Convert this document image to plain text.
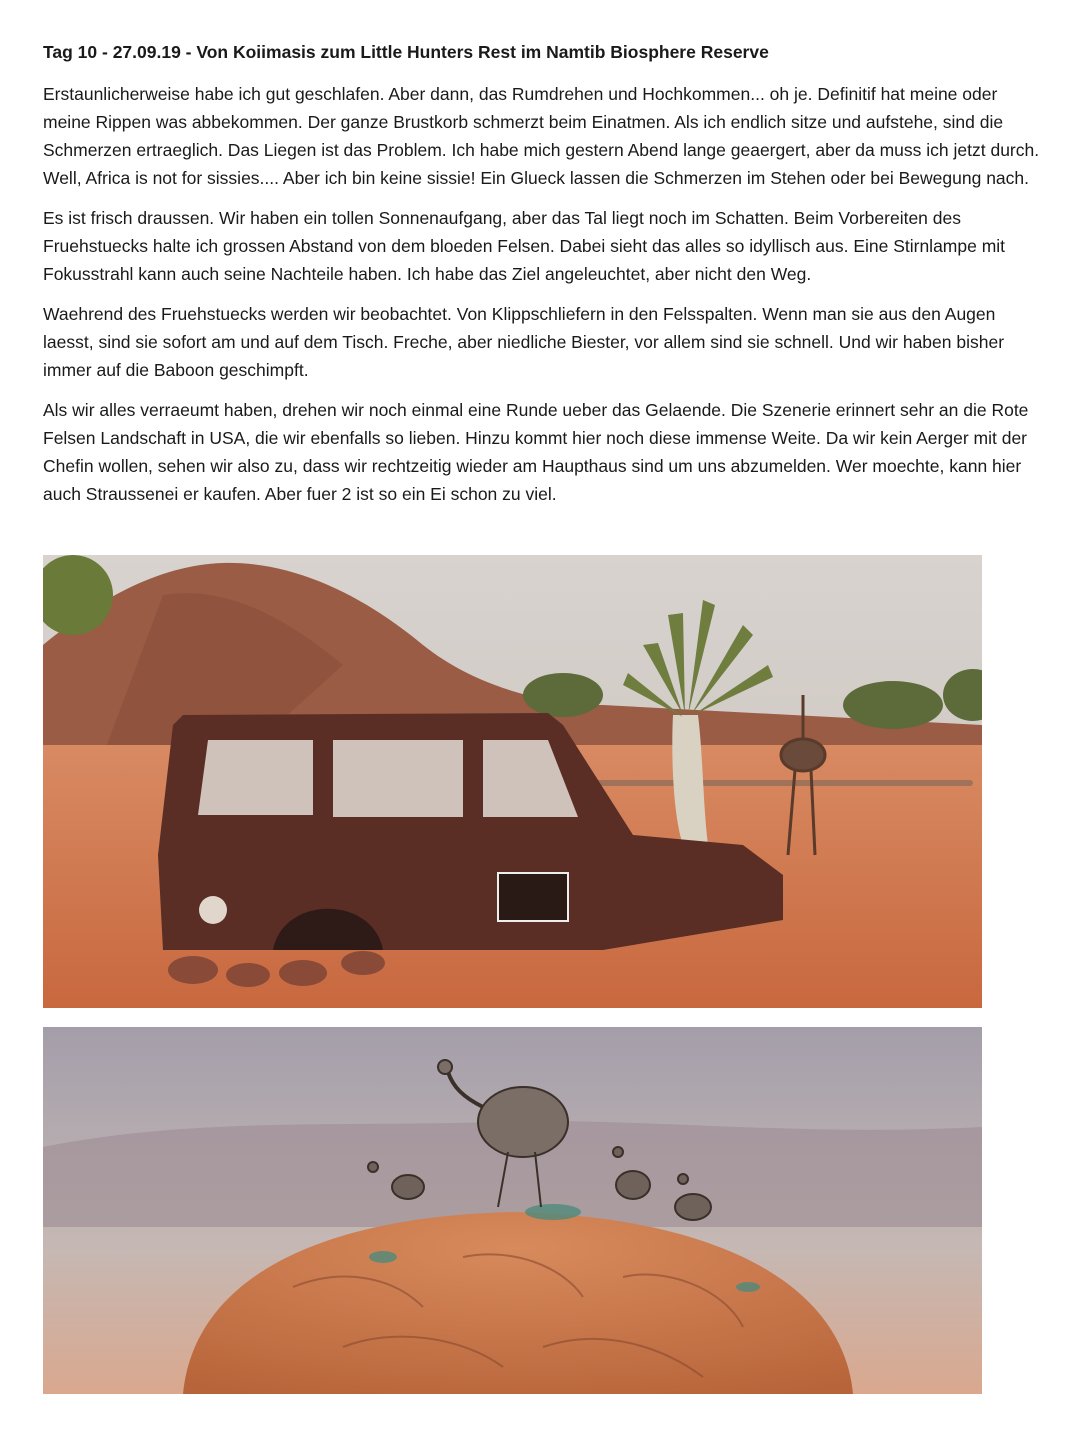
Tag 10 - 27.09.19 - Von Koiimasis zum Little Hunters Rest im Namtib Biosphere Reserve

Erstaunlicherweise habe ich gut geschlafen. Aber dann, das Rumdrehen und Hochkommen... oh je. Definitif hat meine oder meine Rippen was abbekommen. Der ganze Brustkorb schmerzt beim Einatmen. Als ich endlich sitze und aufstehe, sind die Schmerzen ertraeglich. Das Liegen ist das Problem. Ich habe mich gestern Abend lange geaergert, aber da muss ich jetzt durch. Well, Africa is not for sissies.... Aber ich bin keine sissie! Ein Glueck lassen die Schmerzen im Stehen oder bei Bewegung nach.

Es ist frisch draussen. Wir haben ein tollen Sonnenaufgang, aber das Tal liegt noch im Schatten. Beim Vorbereiten des Fruehstuecks halte ich grossen Abstand von dem bloeden Felsen. Dabei sieht das alles so idyllisch aus. Eine Stirnlampe mit Fokusstrahl kann auch seine Nachteile haben. Ich habe das Ziel angeleuchtet, aber nicht den Weg.

Waehrend des Fruehstuecks werden wir beobachtet. Von Klippschliefern in den Felsspalten. Wenn man sie aus den Augen laesst, sind sie sofort am und auf dem Tisch. Freche, aber niedliche Biester, vor allem sind sie schnell. Und wir haben bisher immer auf die Baboon geschimpft.

Als wir alles verraeumt haben, drehen wir noch einmal eine Runde ueber das Gelaende. Die Szenerie erinnert sehr an die Rote Felsen Landschaft in USA, die wir ebenfalls so lieben. Hinzu kommt hier noch diese immense Weite. Da wir kein Aerger mit der Chefin wollen, sehen wir also zu, dass wir rechtzeitig wieder am Haupthaus sind um uns abzumelden. Wer moechte, kann hier auch Straussenei er kaufen. Aber fuer 2 ist so ein Ei schon zu viel.
